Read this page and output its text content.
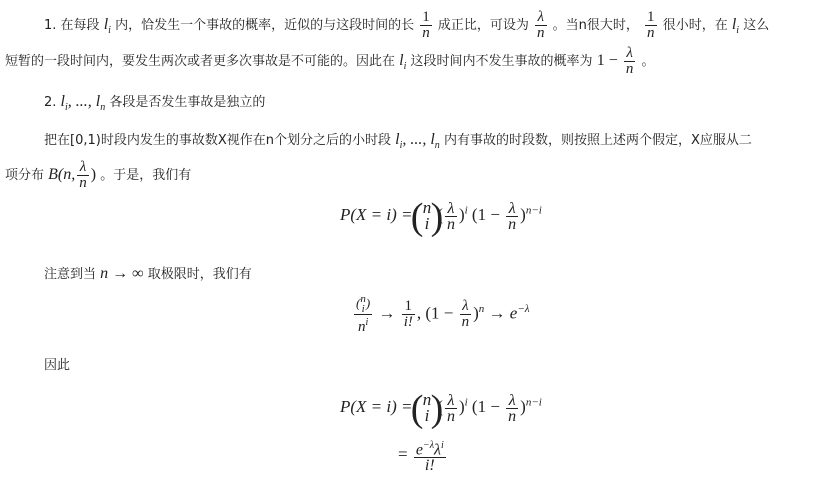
1. 在每段 $l_i$ 内，恰发生一个事故的概率，近似的与这段时间的长 $\frac{1}{n}$ 成正比，可设为 $\frac{\lambda}{n}$ 。当n很大时， $\frac{1}{n}$ 很小时，在 $l_i$ 这么
短暂的一段时间内，要发生两次或者更多次事故是不可能的。因此在 $l_i$ 这段时间内不发生事故的概率为 $1 - \frac{\lambda}{n}$ 。
2. $l_i$, ..., $l_n$ 各段是否发生事故是独立的
把在[0,1)时段内发生的事故数X视作在n个划分之后的小时段 $l_i$, ..., $l_n$ 内有事故的时段数，则按照上述两个假定，X应服从二
项分布 B(n, $\frac{\lambda}{n}$ ) 。于是，我们有
P(X = i) = ( n
i
) ( $\frac{\lambda}{n} )^i$ $(1 - \frac{\lambda}{n} )^{n-i}$
注意到当 n → ∞ 取极限时，我们有
( n
i )
$n^i \to \frac{1}{i!}$ , $(1 - \frac{\lambda}{n} )^n \to e^{-\lambda}$
因此
P(X = i) = ( n
i
) ( $\frac{\lambda}{n} )^i$ $(1 - \frac{\lambda}{n} )^{n-i}$
= $\frac{e^{-\lambda}\lambda^i}{i!}$
